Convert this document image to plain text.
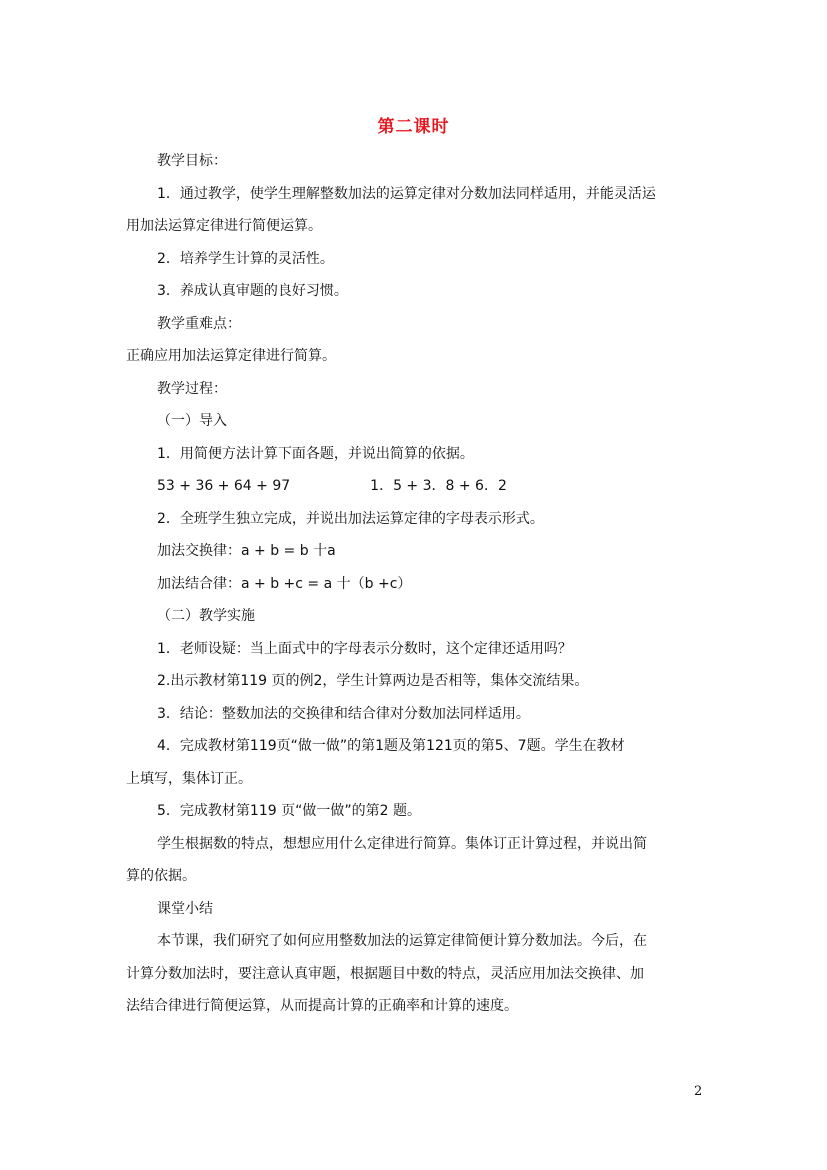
第二课时
教学目标：
1．通过教学，使学生理解整数加法的运算定律对分数加法同样适用，并能灵活运
用加法运算定律进行简便运算。
2．培养学生计算的灵活性。
3．养成认真审题的良好习惯。
教学重难点：
正确应用加法运算定律进行简算。
教学过程：
（一）导入
1．用简便方法计算下面各题，并说出简算的依据。
53 + 36 + 64 + 97	1．5 + 3．8 + 6．2
2．全班学生独立完成，并说出加法运算定律的字母表示形式。
加法交换律：a + b = b 十a
加法结合律：a + b +c = a 十（b +c）
（二）教学实施
1．老师设疑：当上面式中的字母表示分数时，这个定律还适用吗？
2.出示教材第119 页的例2，学生计算两边是否相等，集体交流结果。
3．结论：整数加法的交换律和结合律对分数加法同样适用。
4．完成教材第119页“做一做”的第1题及第121页的第5、7题。学生在教材
上填写，集体订正。
5．完成教材第119 页“做一做”的第2 题。
学生根据数的特点，想想应用什么定律进行简算。集体订正计算过程，并说出简
算的依据。
课堂小结
本节课，我们研究了如何应用整数加法的运算定律简便计算分数加法。今后，在
计算分数加法时，要注意认真审题，根据题目中数的特点，灵活应用加法交换律、加
法结合律进行简便运算，从而提高计算的正确率和计算的速度。
2
